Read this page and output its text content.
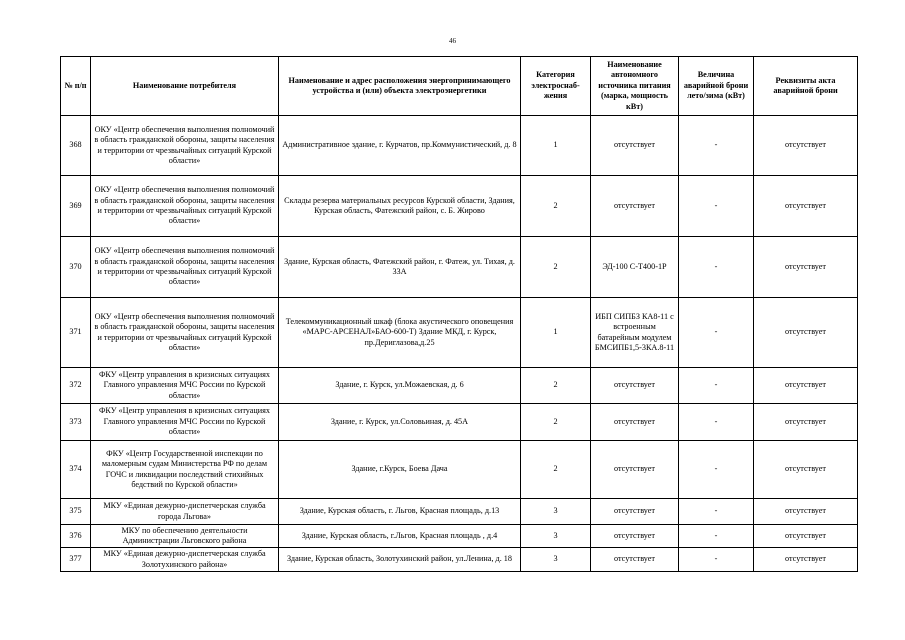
46
№ п/п	Наименование потребителя	Наименование и адрес расположения энергопринимающего устройства и (или) объекта электроэнергетики	Категория электроснаб- жения	Наименование автономного источника питания (марка, мощность кВт)	Величина аварийной брони лето/зима (кВт)	Реквизиты акта аварийной брони
368	ОКУ «Центр обеспечения выполнения полномочий в область гражданской обороны, защиты населения и территории от чрезвычайных ситуаций Курской области»	Административное здание, г. Курчатов, пр.Коммунистический, д. 8	1	отсутствует	-	отсутствует
369	ОКУ «Центр обеспечения выполнения полномочий в область гражданской обороны, защиты населения и территории от чрезвычайных ситуаций Курской области»	Склады резерва материальных ресурсов Курской области, Здания, Курская область, Фатежский район, с. Б. Жирово	2	отсутствует	-	отсутствует
370	ОКУ «Центр обеспечения выполнения полномочий в область гражданской обороны, защиты населения и территории от чрезвычайных ситуаций Курской области»	Здание, Курская область, Фатежский район, г. Фатеж, ул. Тихая, д. 33А	2	ЭД-100 С-Т400-1Р	-	отсутствует
371	ОКУ «Центр обеспечения выполнения полномочий в область гражданской обороны, защиты населения и территории от чрезвычайных ситуаций Курской области»	Телекоммуникационный шкаф (блока акустического оповещения «МАРС-АРСЕНАЛ»БАО-600-Т) Здание МКД, г. Курск, пр.Дериглазова,д.25	1	ИБП СИПБЗ КА8-11 с встроенным батарейным модулем БМСИПБ1,5-3КА.8-11	-	отсутствует
372	ФКУ «Центр управления в кризисных ситуациях Главного управления МЧС России по Курской области»	Здание, г. Курск, ул.Можаевская, д. 6	2	отсутствует	-	отсутствует
373	ФКУ «Центр управления в кризисных ситуациях Главного управления МЧС России по Курской области»	Здание, г. Курск, ул.Соловьиная, д. 45А	2	отсутствует	-	отсутствует
374	ФКУ «Центр Государственной инспекции по маломерным судам Министерства РФ по делам ГОЧС и ликвидации последствий стихийных бедствий по Курской области»	Здание, г.Курск, Боева Дача	2	отсутствует	-	отсутствует
375	МКУ «Единая дежурно-диспетчерская служба города Льгова»	Здание, Курская область, г. Льгов, Красная площадь, д.13	3	отсутствует	-	отсутствует
376	МКУ по обеспечению деятельности Администрации Льговского района	Здание, Курская область, г.Льгов, Красная площадь , д.4	3	отсутствует	-	отсутствует
377	МКУ «Единая дежурно-диспетчерская служба Золотухинского района»	Здание, Курская область, Золотухинский район, ул.Ленина, д. 18	3	отсутствует	-	отсутствует
